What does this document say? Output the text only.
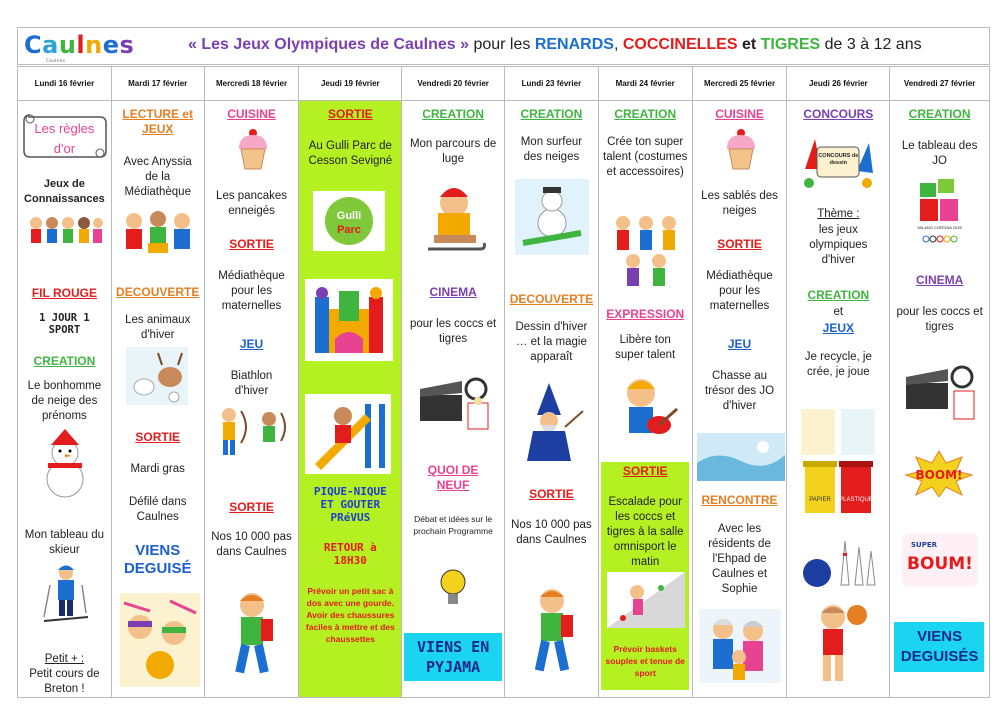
Caulnes
Caulnes
« Les Jeux Olympiques de Caulnes » pour les RENARDS, COCCINELLES et TIGRES de 3 à 12 ans
Lundi 16 février
Les règles d'or
Jeux de Connaissances
FIL ROUGE
1 JOUR 1 SPORT
CREATION
Le bonhomme de neige des prénoms
Mon tableau du skieur
Petit + :
Petit cours de Breton !
Mardi 17 février
LECTURE et JEUX
Avec Anyssia de la Médiathèque
DECOUVERTE
Les animaux d'hiver
SORTIE
Mardi gras
Défilé dans Caulnes
VIENS DEGUISÉ
Mercredi 18 février
CUISINE
Les pancakes enneigés
SORTIE
Médiathèque pour les maternelles
JEU
Biathlon d'hiver
SORTIE
Nos 10 000 pas dans Caulnes
Jeudi 19 février
SORTIE
Au Gulli Parc de Cesson Sevigné
Gulli
Parc
PIQUE-NIQUE ET GOUTER PRéVUS
RETOUR à 18H30
Prévoir un petit sac à dos avec une gourde. Avoir des chaussures faciles à mettre et des chaussettes
Vendredi 20 février
CREATION
Mon parcours de luge
CINEMA
pour les coccs et tigres
QUOI DE NEUF
Débat et idées sur le prochain Programme
VIENS EN PYJAMA
Lundi 23 février
CREATION
Mon surfeur des neiges
DECOUVERTE
Dessin d'hiver … et la magie apparaît
SORTIE
Nos 10 000 pas dans Caulnes
Mardi 24 février
CREATION
Crée ton super talent (costumes et accessoires)
EXPRESSION
Libère ton super talent
SORTIE
Escalade pour les coccs et tigres à la salle omnisport le matin
Prévoir baskets souples et tenue de sport
Mercredi 25 février
CUISINE
Les sablés des neiges
SORTIE
Médiathèque pour les maternelles
JEU
Chasse au trésor des JO d'hiver
RENCONTRE
Avec les résidents de l'Ehpad de Caulnes et Sophie
Jeudi 26 février
CONCOURS
CONCOURS de dessin
Thème :
les jeux olympiques d'hiver
CREATION
et
JEUX
Je recycle, je crée, je joue
PAPIER PLASTIQUE
Vendredi 27 février
CREATION
Le tableau des JO
MILANO CORTINA 2026
CINEMA
pour les coccs et tigres
BOOM!
SUPER
BOUM!
VIENS DEGUISÉS
